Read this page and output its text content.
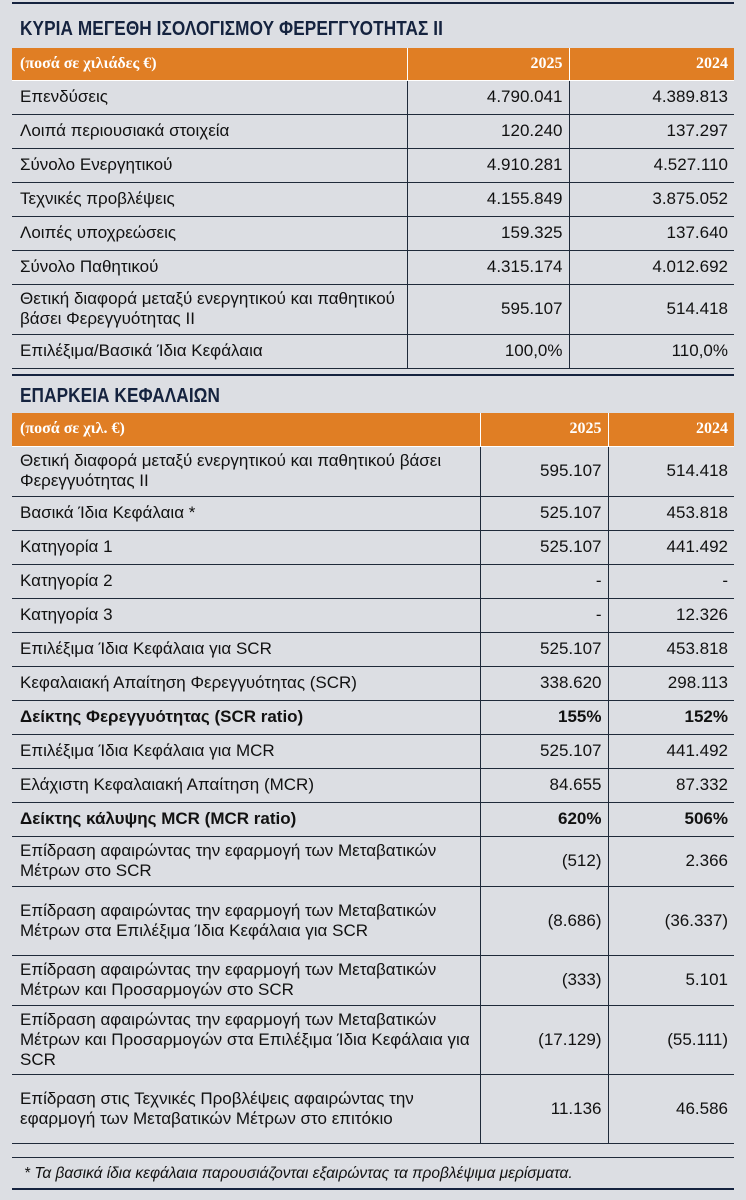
ΚΥΡΙΑ ΜΕΓΕΘΗ ΙΣΟΛΟΓΙΣΜΟΥ ΦΕΡΕΓΓΥΟΤΗΤΑΣ ΙΙ
(ποσά σε χιλιάδες €)	2025	2024
Επενδύσεις	4.790.041	4.389.813
Λοιπά περιουσιακά στοιχεία	120.240	137.297
Σύνολο Ενεργητικού	4.910.281	4.527.110
Τεχνικές προβλέψεις	4.155.849	3.875.052
Λοιπές υποχρεώσεις	159.325	137.640
Σύνολο Παθητικού	4.315.174	4.012.692
Θετική διαφορά μεταξύ ενεργητικού και παθητικού βάσει Φερεγγυότητας ΙΙ	595.107	514.418
Επιλέξιμα/Βασικά Ίδια Κεφάλαια	100,0%	110,0%
ΕΠΑΡΚΕΙΑ ΚΕΦΑΛΑΙΩΝ
(ποσά σε χιλ. €)	2025	2024
Θετική διαφορά μεταξύ ενεργητικού και παθητικού βάσει Φερεγγυότητας ΙΙ	595.107	514.418
Βασικά Ίδια Κεφάλαια *	525.107	453.818
Κατηγορία 1	525.107	441.492
Κατηγορία 2	-	-
Κατηγορία 3	-	12.326
Επιλέξιμα Ίδια Κεφάλαια για SCR	525.107	453.818
Κεφαλαιακή Απαίτηση Φερεγγυότητας (SCR)	338.620	298.113
Δείκτης Φερεγγυότητας (SCR ratio)	155%	152%
Επιλέξιμα Ίδια Κεφάλαια για MCR	525.107	441.492
Ελάχιστη Κεφαλαιακή Απαίτηση (MCR)	84.655	87.332
Δείκτης κάλυψης MCR (MCR ratio)	620%	506%
Επίδραση αφαιρώντας την εφαρμογή των Μεταβατικών Μέτρων στο SCR	(512)	2.366
Επίδραση αφαιρώντας την εφαρμογή των Μεταβατικών Μέτρων στα Επιλέξιμα Ίδια Κεφάλαια για SCR	(8.686)	(36.337)
Επίδραση αφαιρώντας την εφαρμογή των Μεταβατικών Μέτρων και Προσαρμογών στο SCR	(333)	5.101
Επίδραση αφαιρώντας την εφαρμογή των Μεταβατικών Μέτρων και Προσαρμογών στα Επιλέξιμα Ίδια Κεφάλαια για SCR	(17.129)	(55.111)
Επίδραση στις Τεχνικές Προβλέψεις αφαιρώντας την εφαρμογή των Μεταβατικών Μέτρων στο επιτόκιο	11.136	46.586
* Τα βασικά ίδια κεφάλαια παρουσιάζονται εξαιρώντας τα προβλέψιμα μερίσματα.
